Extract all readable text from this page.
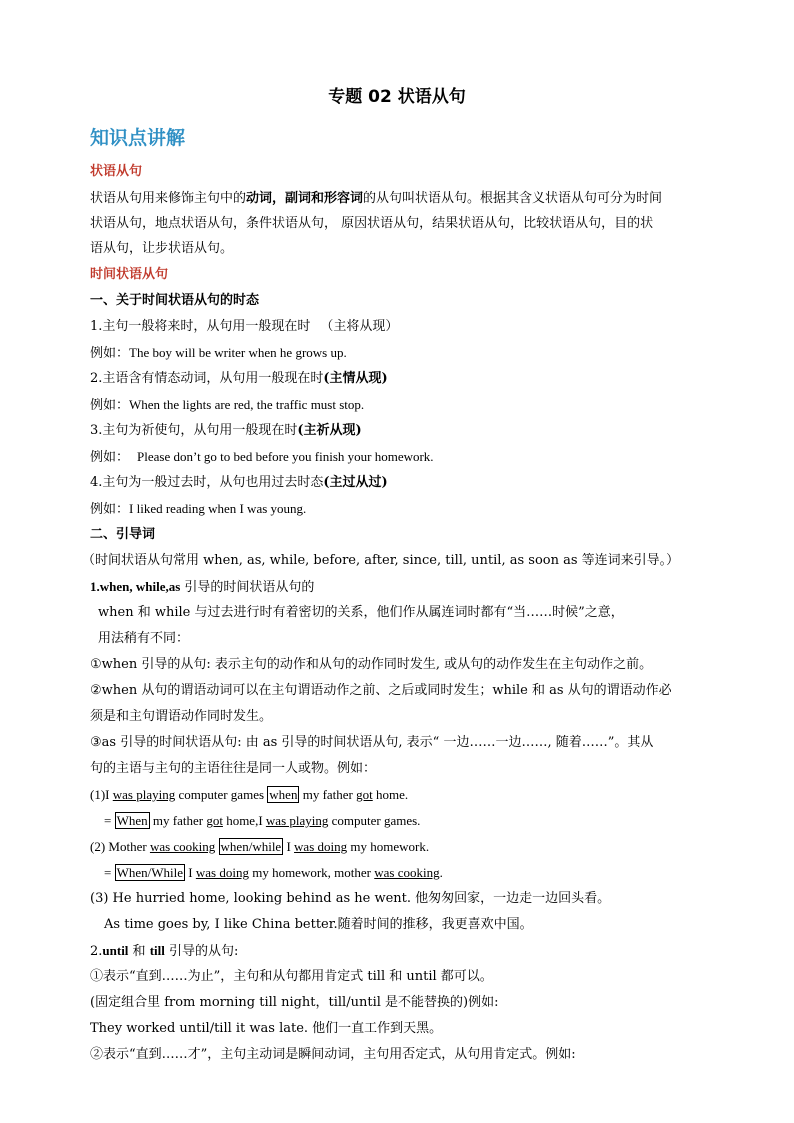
专题 02 状语从句
知识点讲解
状语从句
状语从句用来修饰主句中的动词，副词和形容词的从句叫状语从句。根据其含义状语从句可分为时间
状语从句，地点状语从句，条件状语从句， 原因状语从句，结果状语从句，比较状语从句，目的状
语从句，让步状语从句。
时间状语从句
一、关于时间状语从句的时态
1.主句一般将来时，从句用一般现在时 （主将从现）
例如：The boy will be writer when he grows up.
2.主语含有情态动词，从句用一般现在时(主情从现)
例如：When the lights are red, the traffic must stop.
3.主句为祈使句，从句用一般现在时(主祈从现)
例如： Please don’t go to bed before you finish your homework.
4.主句为一般过去时，从句也用过去时态(主过从过)
例如：I liked reading when I was young.
二、引导词
（时间状语从句常用 when, as, while, before, after, since, till, until, as soon as 等连词来引导。）
1.when, while,as 引导的时间状语从句的
when 和 while 与过去进行时有着密切的关系，他们作从属连词时都有“当……时候”之意，
用法稍有不同：
①when 引导的从句: 表示主句的动作和从句的动作同时发生, 或从句的动作发生在主句动作之前。
②when 从句的谓语动词可以在主句谓语动作之前、之后或同时发生；while 和 as 从句的谓语动作必
须是和主句谓语动作同时发生。
③as 引导的时间状语从句: 由 as 引导的时间状语从句, 表示“ 一边……一边……, 随着……”。其从
句的主语与主句的主语往往是同一人或物。例如：
(1)I was playing computer games when my father got home.
= When my father got home,I was playing computer games.
(2) Mother was cooking when/while I was doing my homework.
= When/While I was doing my homework, mother was cooking.
(3) He hurried home, looking behind as he went. 他匆匆回家，一边走一边回头看。
As time goes by, I like China better.随着时间的推移，我更喜欢中国。
2.until 和 till 引导的从句:
①表示“直到……为止”，主句和从句都用肯定式 till 和 until 都可以。
(固定组合里 from morning till night，till/until 是不能替换的)例如:
They worked until/till it was late. 他们一直工作到天黑。
②表示“直到……才”，主句主动词是瞬间动词，主句用否定式，从句用肯定式。例如:
